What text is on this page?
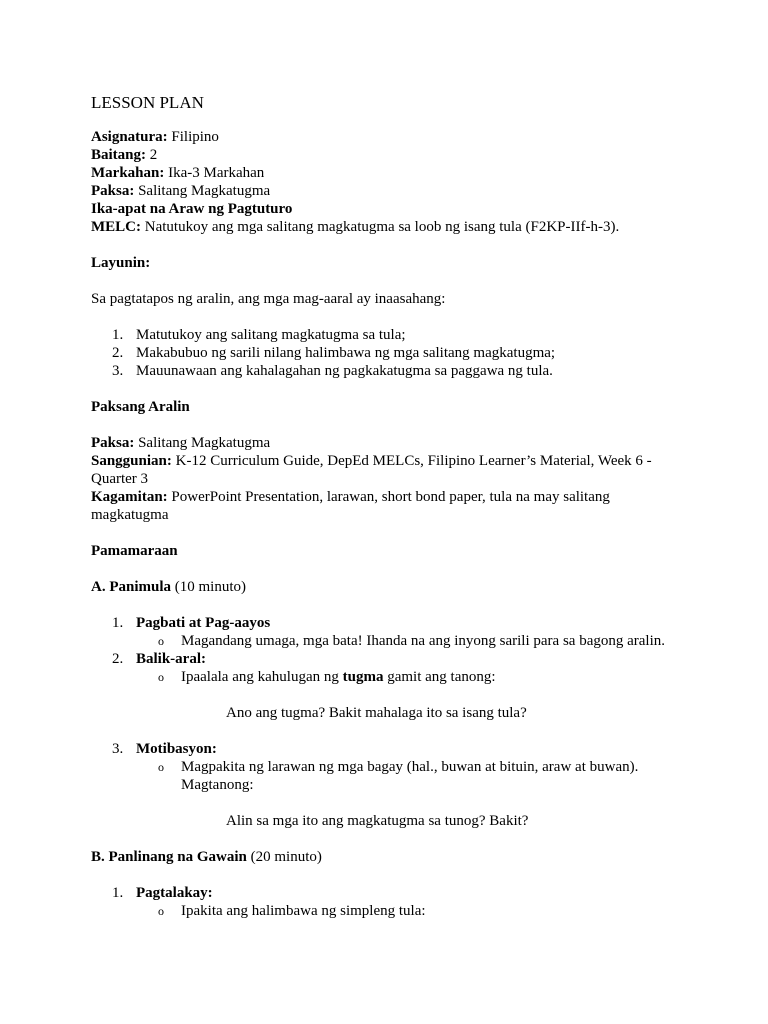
LESSON PLAN

Asignatura: Filipino

Baitang: 2

Markahan: Ika-3 Markahan

Paksa: Salitang Magkatugma

Ika-apat na Araw ng Pagtuturo

MELC: Natutukoy ang mga salitang magkatugma sa loob ng isang tula (F2KP-IIf-h-3).

Layunin:

Sa pagtatapos ng aralin, ang mga mag-aaral ay inaasahang:

1. Matutukoy ang salitang magkatugma sa tula;
2. Makabubuo ng sarili nilang halimbawa ng mga salitang magkatugma;
3. Mauunawaan ang kahalagahan ng pagkakatugma sa paggawa ng tula.

Paksang Aralin

Paksa: Salitang Magkatugma

Sanggunian: K-12 Curriculum Guide, DepEd MELCs, Filipino Learner’s Material, Week 6 - Quarter 3

Kagamitan: PowerPoint Presentation, larawan, short bond paper, tula na may salitang magkatugma

Pamamaraan

A. Panimula (10 minuto)

1. Pagbati at Pag-aayos
o Magandang umaga, mga bata! Ihanda na ang inyong sarili para sa bagong aralin.
2. Balik-aral:
o Ipaalala ang kahulugan ng tugma gamit ang tanong:

Ano ang tugma? Bakit mahalaga ito sa isang tula?

3. Motibasyon:
o Magpakita ng larawan ng mga bagay (hal., buwan at bituin, araw at buwan). Magtanong:

Alin sa mga ito ang magkatugma sa tunog? Bakit?

B. Panlinang na Gawain (20 minuto)

1. Pagtalakay:
o Ipakita ang halimbawa ng simpleng tula:
